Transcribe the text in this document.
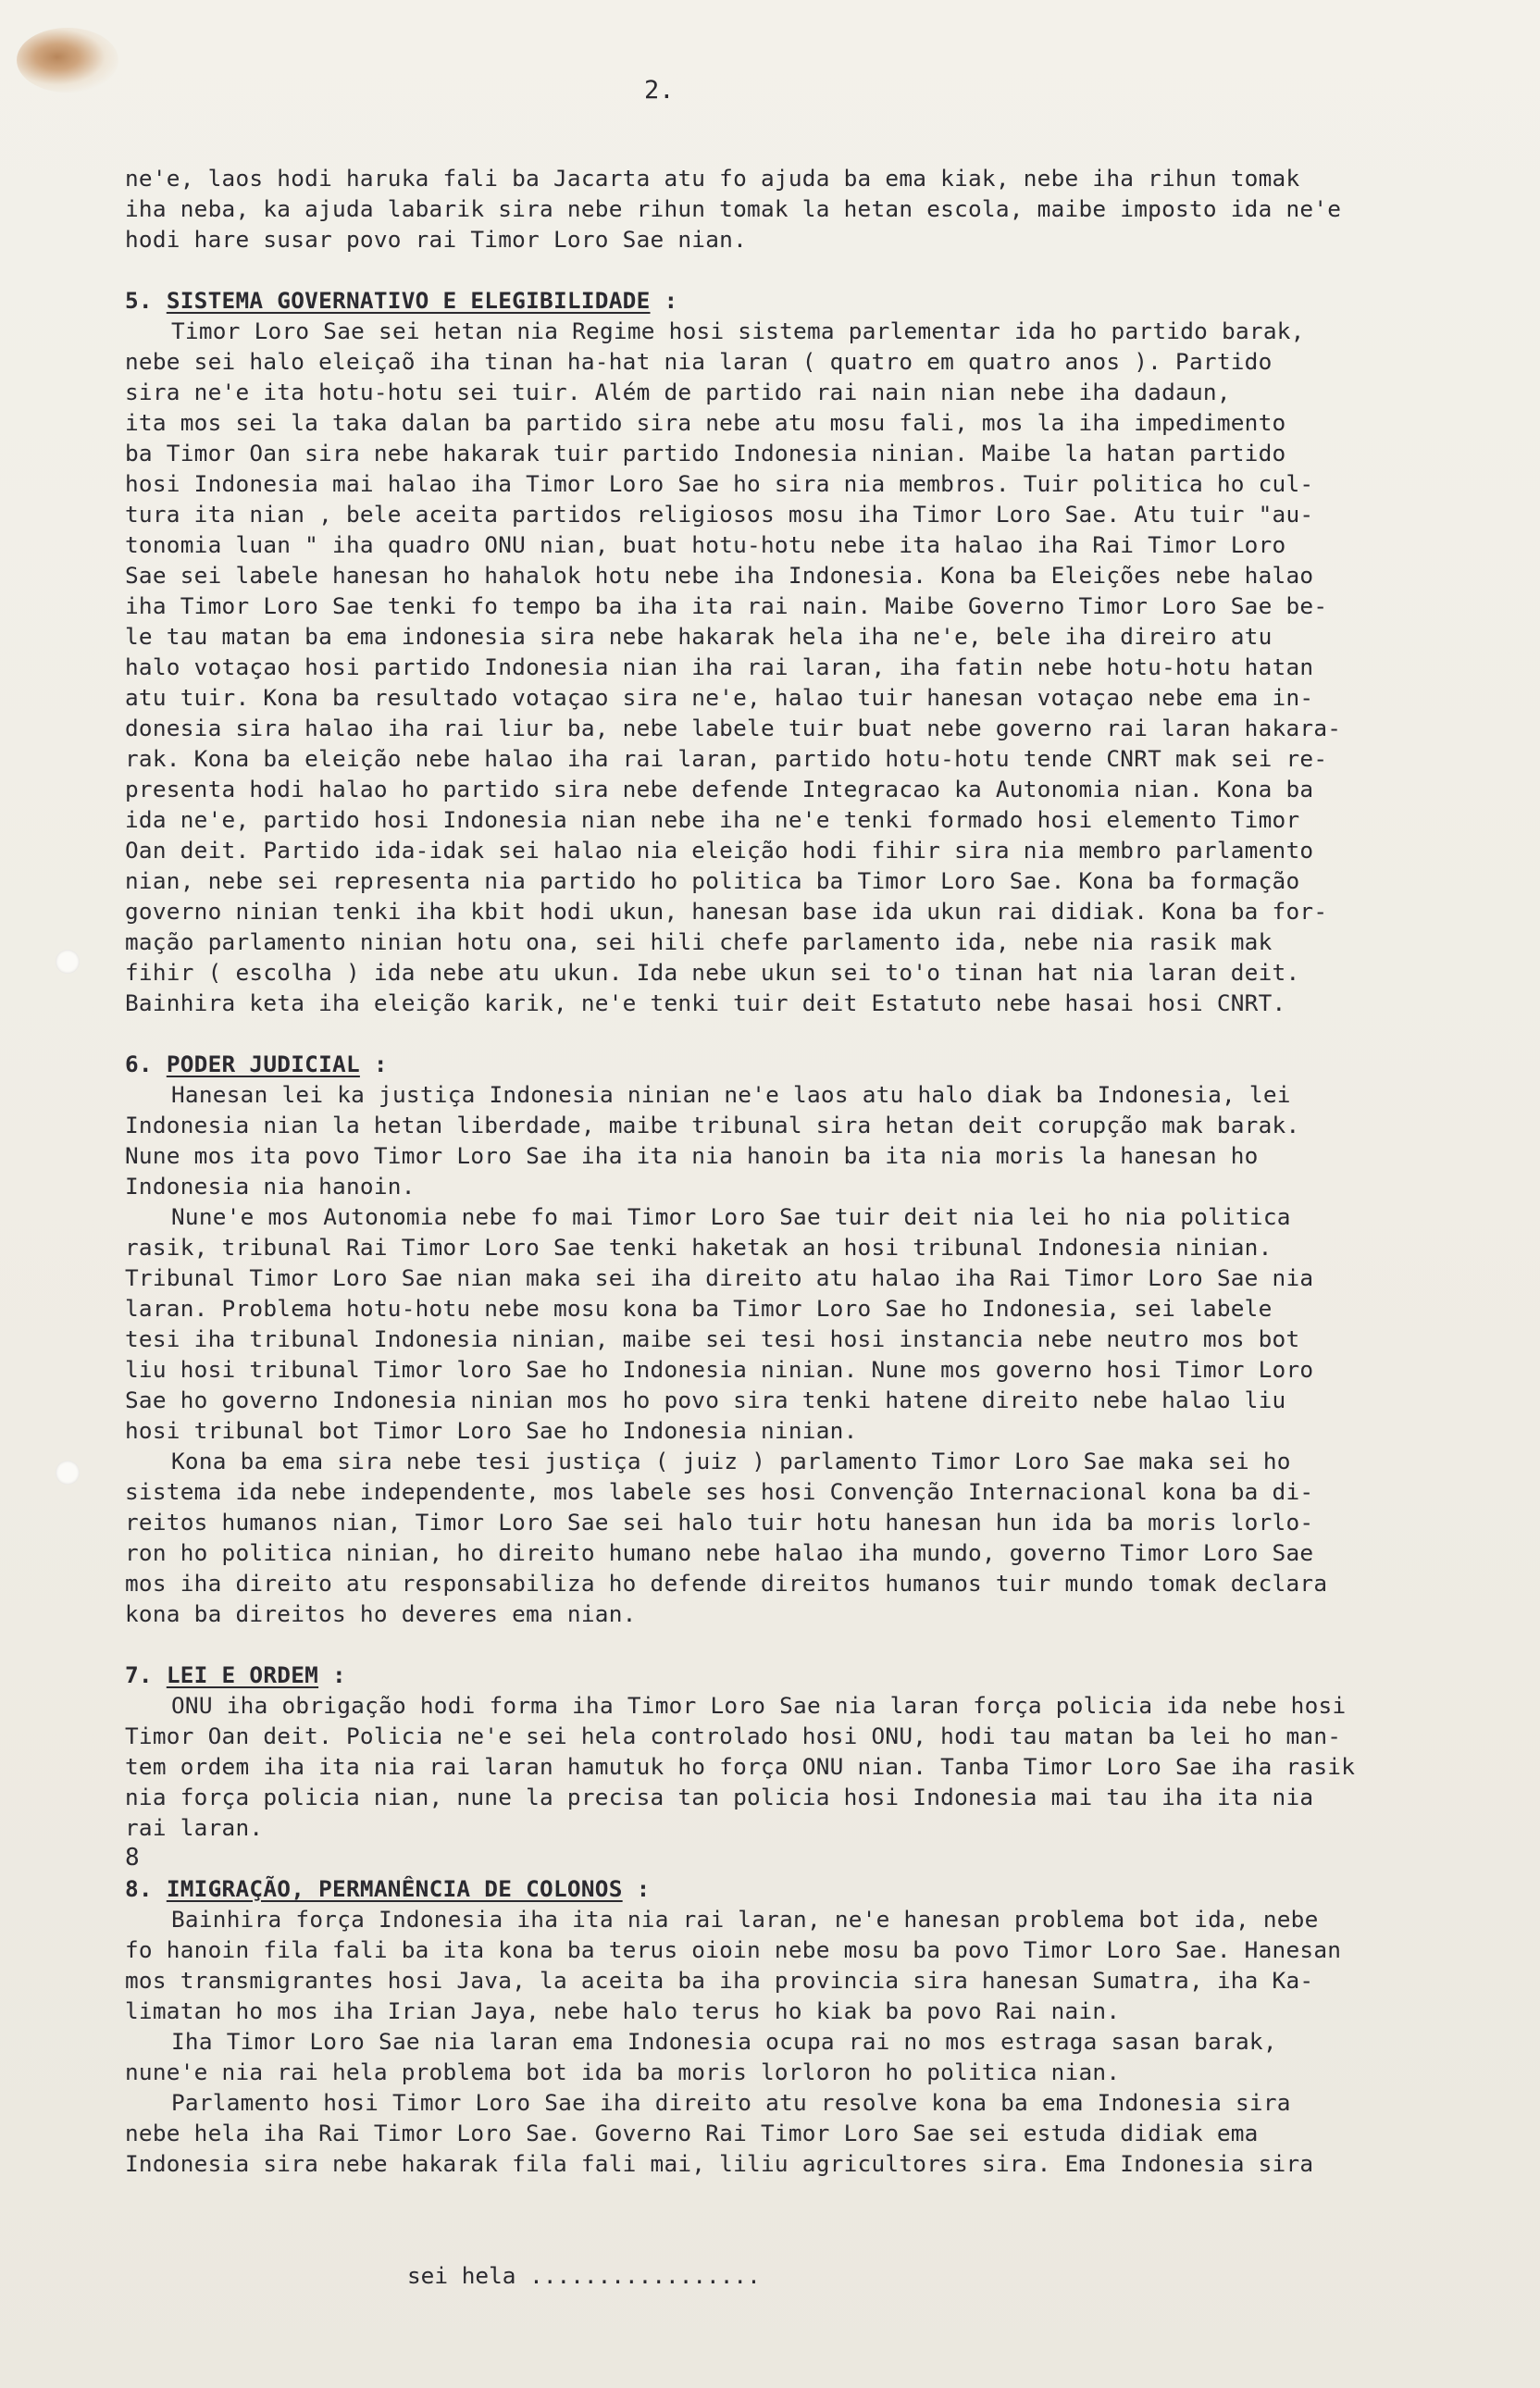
2.
ne'e, laos hodi haruka fali ba Jacarta atu fo ajuda ba ema kiak, nebe iha rihun tomak
iha neba, ka ajuda labarik sira nebe rihun tomak la hetan escola, maibe imposto ida ne'e
hodi hare susar povo rai Timor Loro Sae nian.
5. SISTEMA GOVERNATIVO E ELEGIBILIDADE :
Timor Loro Sae sei hetan nia Regime hosi sistema parlementar ida ho partido barak,
nebe sei halo eleiçaõ iha tinan ha-hat nia laran ( quatro em quatro anos ). Partido
sira ne'e ita hotu-hotu sei tuir. Além de partido rai nain nian nebe iha dadaun,
ita mos sei la taka dalan ba partido sira nebe atu mosu fali, mos la iha impedimento
ba Timor Oan sira nebe hakarak tuir partido Indonesia ninian. Maibe la hatan partido
hosi Indonesia mai halao iha Timor Loro Sae ho sira nia membros. Tuir politica ho cul-
tura ita nian , bele aceita partidos religiosos mosu iha Timor Loro Sae. Atu tuir "au-
tonomia luan " iha quadro ONU nian, buat hotu-hotu nebe ita halao iha Rai Timor Loro
Sae sei labele hanesan ho hahalok hotu nebe iha Indonesia. Kona ba Eleições nebe halao
iha Timor Loro Sae tenki fo tempo ba iha ita rai nain. Maibe Governo Timor Loro Sae be-
le tau matan ba ema indonesia sira nebe hakarak hela iha ne'e, bele iha direiro atu
halo votaçao hosi partido Indonesia nian iha rai laran, iha fatin nebe hotu-hotu hatan
atu tuir. Kona ba resultado votaçao sira ne'e, halao tuir hanesan votaçao nebe ema in-
donesia sira halao iha rai liur ba, nebe labele tuir buat nebe governo rai laran hakara-
rak. Kona ba eleição nebe halao iha rai laran, partido hotu-hotu tende CNRT mak sei re-
presenta hodi halao ho partido sira nebe defende Integracao ka Autonomia nian. Kona ba
ida ne'e, partido hosi Indonesia nian nebe iha ne'e tenki formado hosi elemento Timor
Oan deit. Partido ida-idak sei halao nia eleição hodi fihir sira nia membro parlamento
nian, nebe sei representa nia partido ho politica ba Timor Loro Sae. Kona ba formação
governo ninian tenki iha kbit hodi ukun, hanesan base ida ukun rai didiak. Kona ba for-
mação parlamento ninian hotu ona, sei hili chefe parlamento ida, nebe nia rasik mak
fihir ( escolha ) ida nebe atu ukun. Ida nebe ukun sei to'o tinan hat nia laran deit.
Bainhira keta iha eleição karik, ne'e tenki tuir deit Estatuto nebe hasai hosi CNRT.
6. PODER JUDICIAL :
Hanesan lei ka justiça Indonesia ninian ne'e laos atu halo diak ba Indonesia, lei
Indonesia nian la hetan liberdade, maibe tribunal sira hetan deit corupção mak barak.
Nune mos ita povo Timor Loro Sae iha ita nia hanoin ba ita nia moris la hanesan ho
Indonesia nia hanoin.
Nune'e mos Autonomia nebe fo mai Timor Loro Sae tuir deit nia lei ho nia politica
rasik, tribunal Rai Timor Loro Sae tenki haketak an hosi tribunal Indonesia ninian.
Tribunal Timor Loro Sae nian maka sei iha direito atu halao iha Rai Timor Loro Sae nia
laran. Problema hotu-hotu nebe mosu kona ba Timor Loro Sae ho Indonesia, sei labele
tesi iha tribunal Indonesia ninian, maibe sei tesi hosi instancia nebe neutro mos bot
liu hosi tribunal Timor loro Sae ho Indonesia ninian. Nune mos governo hosi Timor Loro
Sae ho governo Indonesia ninian mos ho povo sira tenki hatene direito nebe halao liu
hosi tribunal bot Timor Loro Sae ho Indonesia ninian.
Kona ba ema sira nebe tesi justiça ( juiz ) parlamento Timor Loro Sae maka sei ho
sistema ida nebe independente, mos labele ses hosi Convenção Internacional kona ba di-
reitos humanos nian, Timor Loro Sae sei halo tuir hotu hanesan hun ida ba moris lorlo-
ron ho politica ninian, ho direito humano nebe halao iha mundo, governo Timor Loro Sae
mos iha direito atu responsabiliza ho defende direitos humanos tuir mundo tomak declara
kona ba direitos ho deveres ema nian.
7. LEI E ORDEM :
ONU iha obrigação hodi forma iha Timor Loro Sae nia laran força policia ida nebe hosi
Timor Oan deit. Policia ne'e sei hela controlado hosi ONU, hodi tau matan ba lei ho man-
tem ordem iha ita nia rai laran hamutuk ho força ONU nian. Tanba Timor Loro Sae iha rasik
nia força policia nian, nune la precisa tan policia hosi Indonesia mai tau iha ita nia
rai laran.
8
8. IMIGRAÇÃO, PERMANÊNCIA DE COLONOS :
Bainhira força Indonesia iha ita nia rai laran, ne'e hanesan problema bot ida, nebe
fo hanoin fila fali ba ita kona ba terus oioin nebe mosu ba povo Timor Loro Sae. Hanesan
mos transmigrantes hosi Java, la aceita ba iha provincia sira hanesan Sumatra, iha Ka-
limatan ho mos iha Irian Jaya, nebe halo terus ho kiak ba povo Rai nain.
Iha Timor Loro Sae nia laran ema Indonesia ocupa rai no mos estraga sasan barak,
nune'e nia rai hela problema bot ida ba moris lorloron ho politica nian.
Parlamento hosi Timor Loro Sae iha direito atu resolve kona ba ema Indonesia sira
nebe hela iha Rai Timor Loro Sae. Governo Rai Timor Loro Sae sei estuda didiak ema
Indonesia sira nebe hakarak fila fali mai, liliu agricultores sira. Ema Indonesia sira
sei hela .................
